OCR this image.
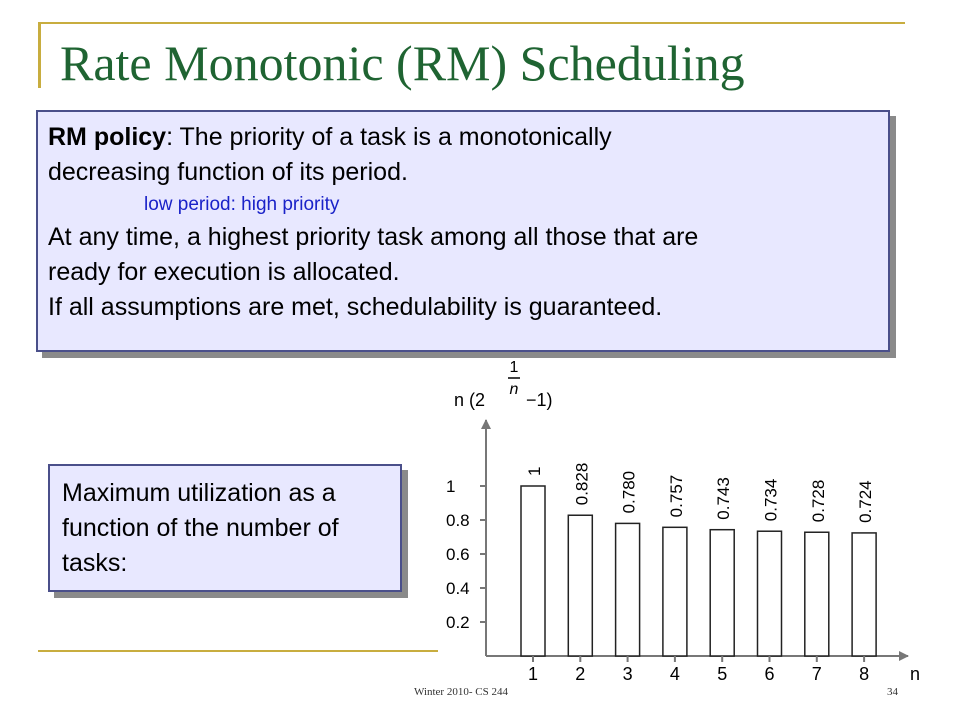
Rate Monotonic (RM) Scheduling
RM policy: The priority of a task is a monotonically
decreasing function of its period.
low period: high priority
At any time, a highest priority task among all those that are
ready for execution is allocated.
If all assumptions are met, schedulability is guaranteed.
Maximum utilization as a function of the number of tasks:
0.2
0.4
0.6
0.8
1
1
1
0.828
2
0.780
3
0.757
4
0.743
5
0.734
6
0.728
7
0.724
8 n
n (2
1
n
−1)
Winter 2010- CS 244	34
